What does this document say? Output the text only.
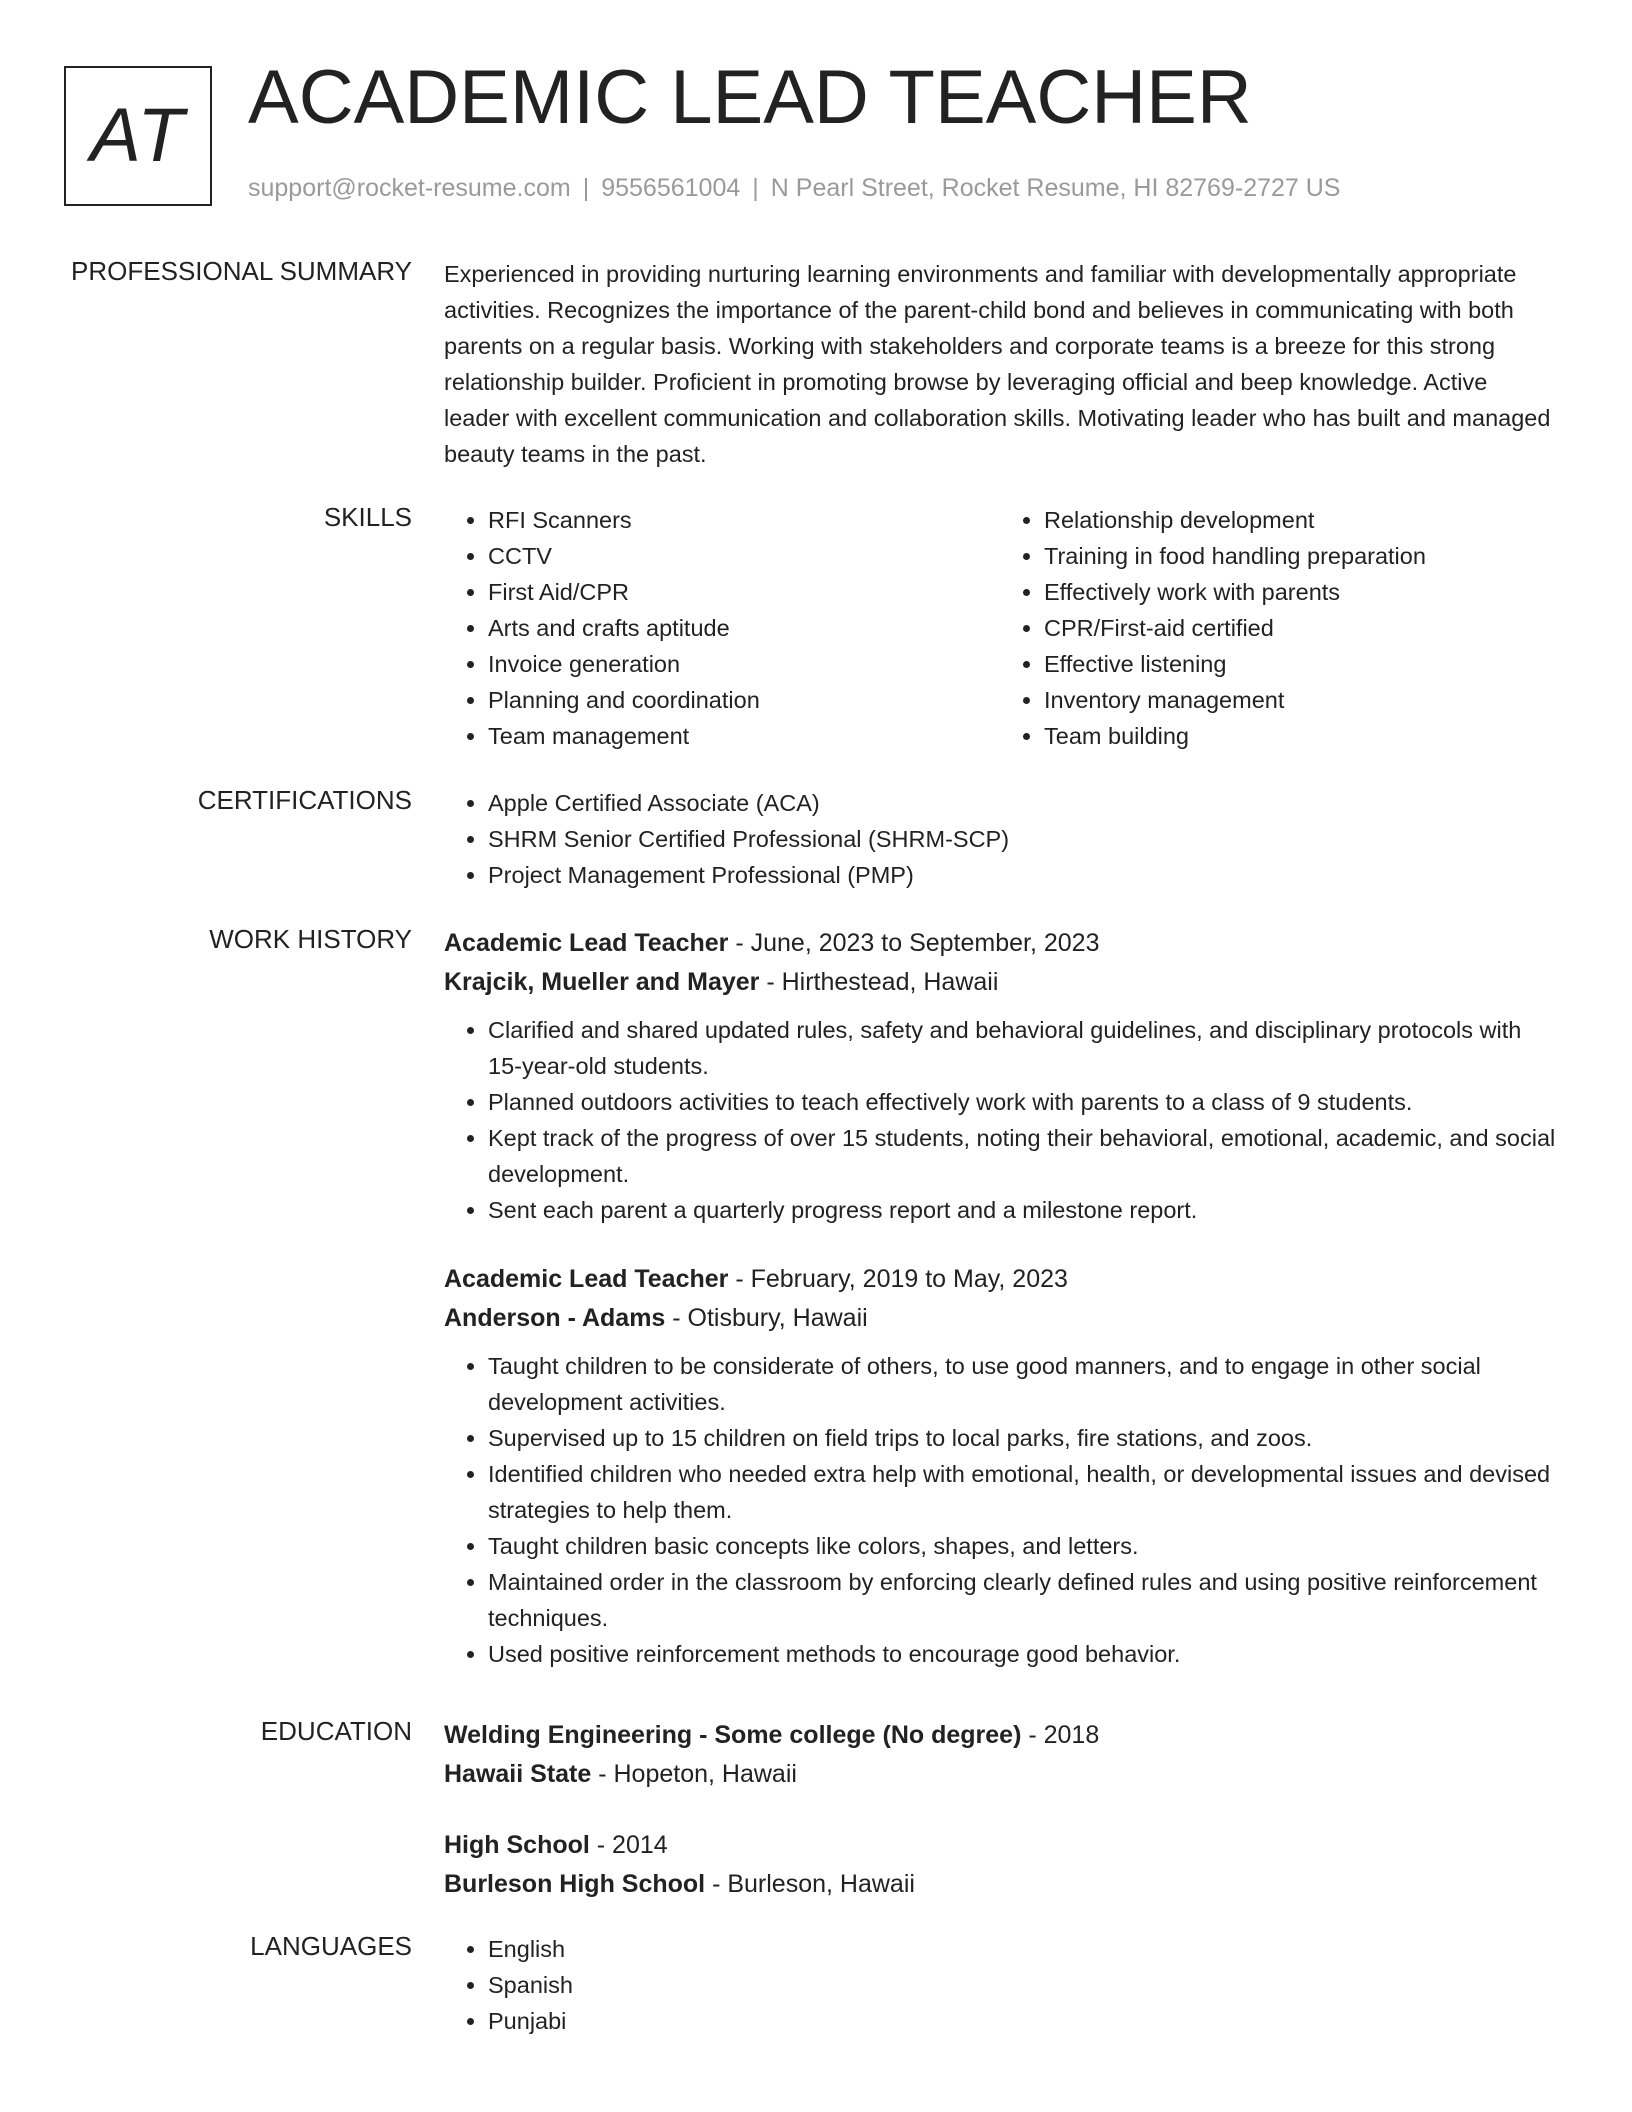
AT ACADEMIC LEAD TEACHER
support@rocket-resume.com | 9556561004 | N Pearl Street, Rocket Resume, HI 82769-2727 US
PROFESSIONAL SUMMARY Experienced in providing nurturing learning environments and familiar with developmentally appropriate activities. Recognizes the importance of the parent-child bond and believes in communicating with both parents on a regular basis. Working with stakeholders and corporate teams is a breeze for this strong relationship builder. Proficient in promoting browse by leveraging official and beep knowledge. Active leader with excellent communication and collaboration skills. Motivating leader who has built and managed beauty teams in the past.

SKILLS	• RFI Scanners
• CCTV
• First Aid/CPR
• Arts and crafts aptitude
• Invoice generation
• Planning and coordination
• Team management
• Relationship development
• Training in food handling preparation
• Effectively work with parents
• CPR/First-aid certified
• Effective listening
• Inventory management
• Team building
CERTIFICATIONS	• Apple Certified Associate (ACA)
• SHRM Senior Certified Professional (SHRM-SCP)
• Project Management Professional (PMP)
WORK HISTORY Academic Lead Teacher - June, 2023 to September, 2023
Krajcik, Mueller and Mayer - Hirthestead, Hawaii
• Clarified and shared updated rules, safety and behavioral guidelines, and disciplinary protocols with 15-year-old students.
• Planned outdoors activities to teach effectively work with parents to a class of 9 students.
• Kept track of the progress of over 15 students, noting their behavioral, emotional, academic, and social development.
• Sent each parent a quarterly progress report and a milestone report.
Academic Lead Teacher - February, 2019 to May, 2023
Anderson - Adams - Otisbury, Hawaii
• Taught children to be considerate of others, to use good manners, and to engage in other social development activities.
• Supervised up to 15 children on field trips to local parks, fire stations, and zoos.
• Identified children who needed extra help with emotional, health, or developmental issues and devised strategies to help them.
• Taught children basic concepts like colors, shapes, and letters.
• Maintained order in the classroom by enforcing clearly defined rules and using positive reinforcement techniques.
• Used positive reinforcement methods to encourage good behavior.
EDUCATION Welding Engineering - Some college (No degree) - 2018
Hawaii State - Hopeton, Hawaii
High School - 2014
Burleson High School - Burleson, Hawaii
LANGUAGES	• English
• Spanish
• Punjabi
